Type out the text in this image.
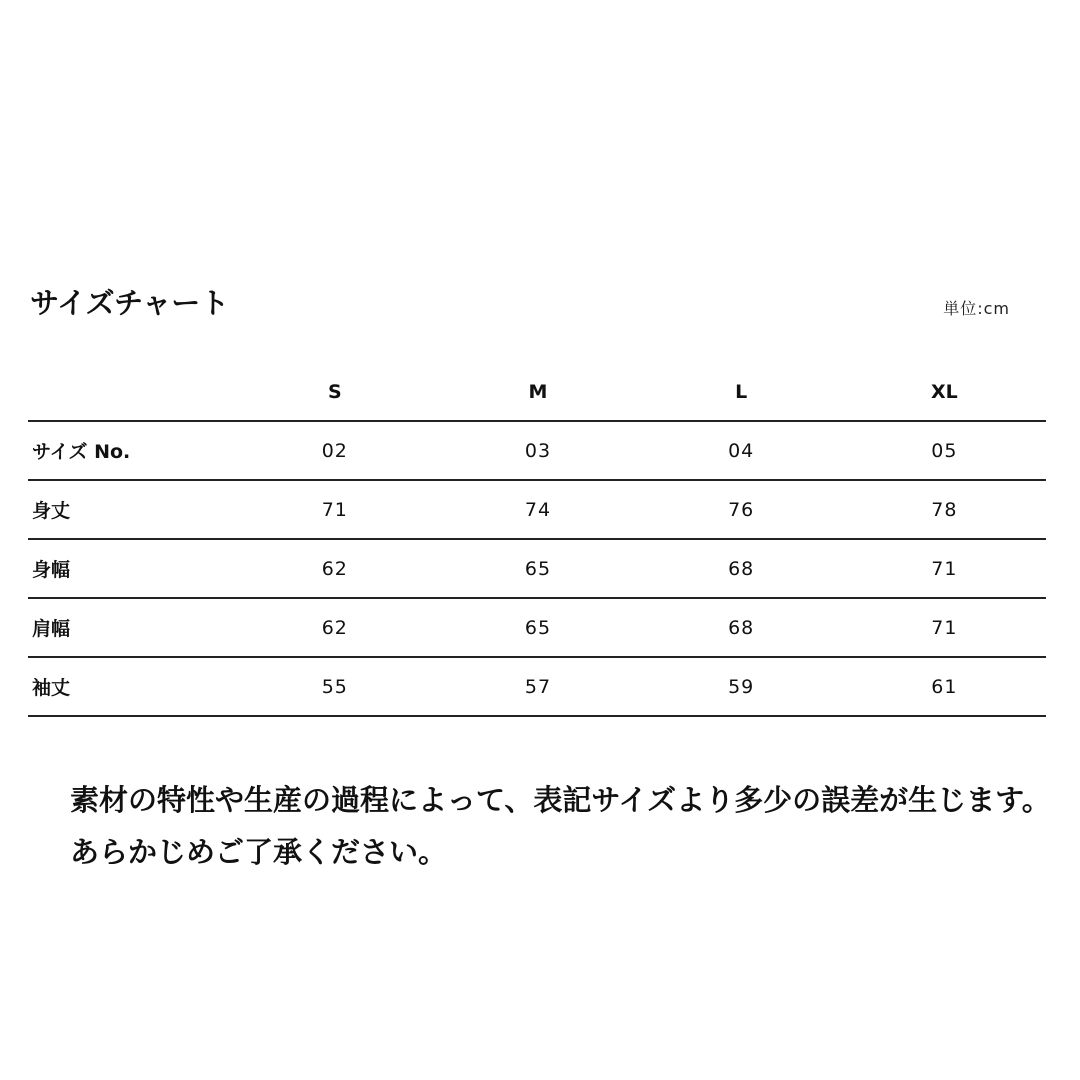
サイズチャート	単位:cm
	S	M	L	XL
サイズ No.	02	03	04	05
身丈	71	74	76	78
身幅	62	65	68	71
肩幅	62	65	68	71
袖丈	55	57	59	61

素材の特性や生産の過程によって、表記サイズより多少の誤差が生じます。

あらかじめご了承ください。
